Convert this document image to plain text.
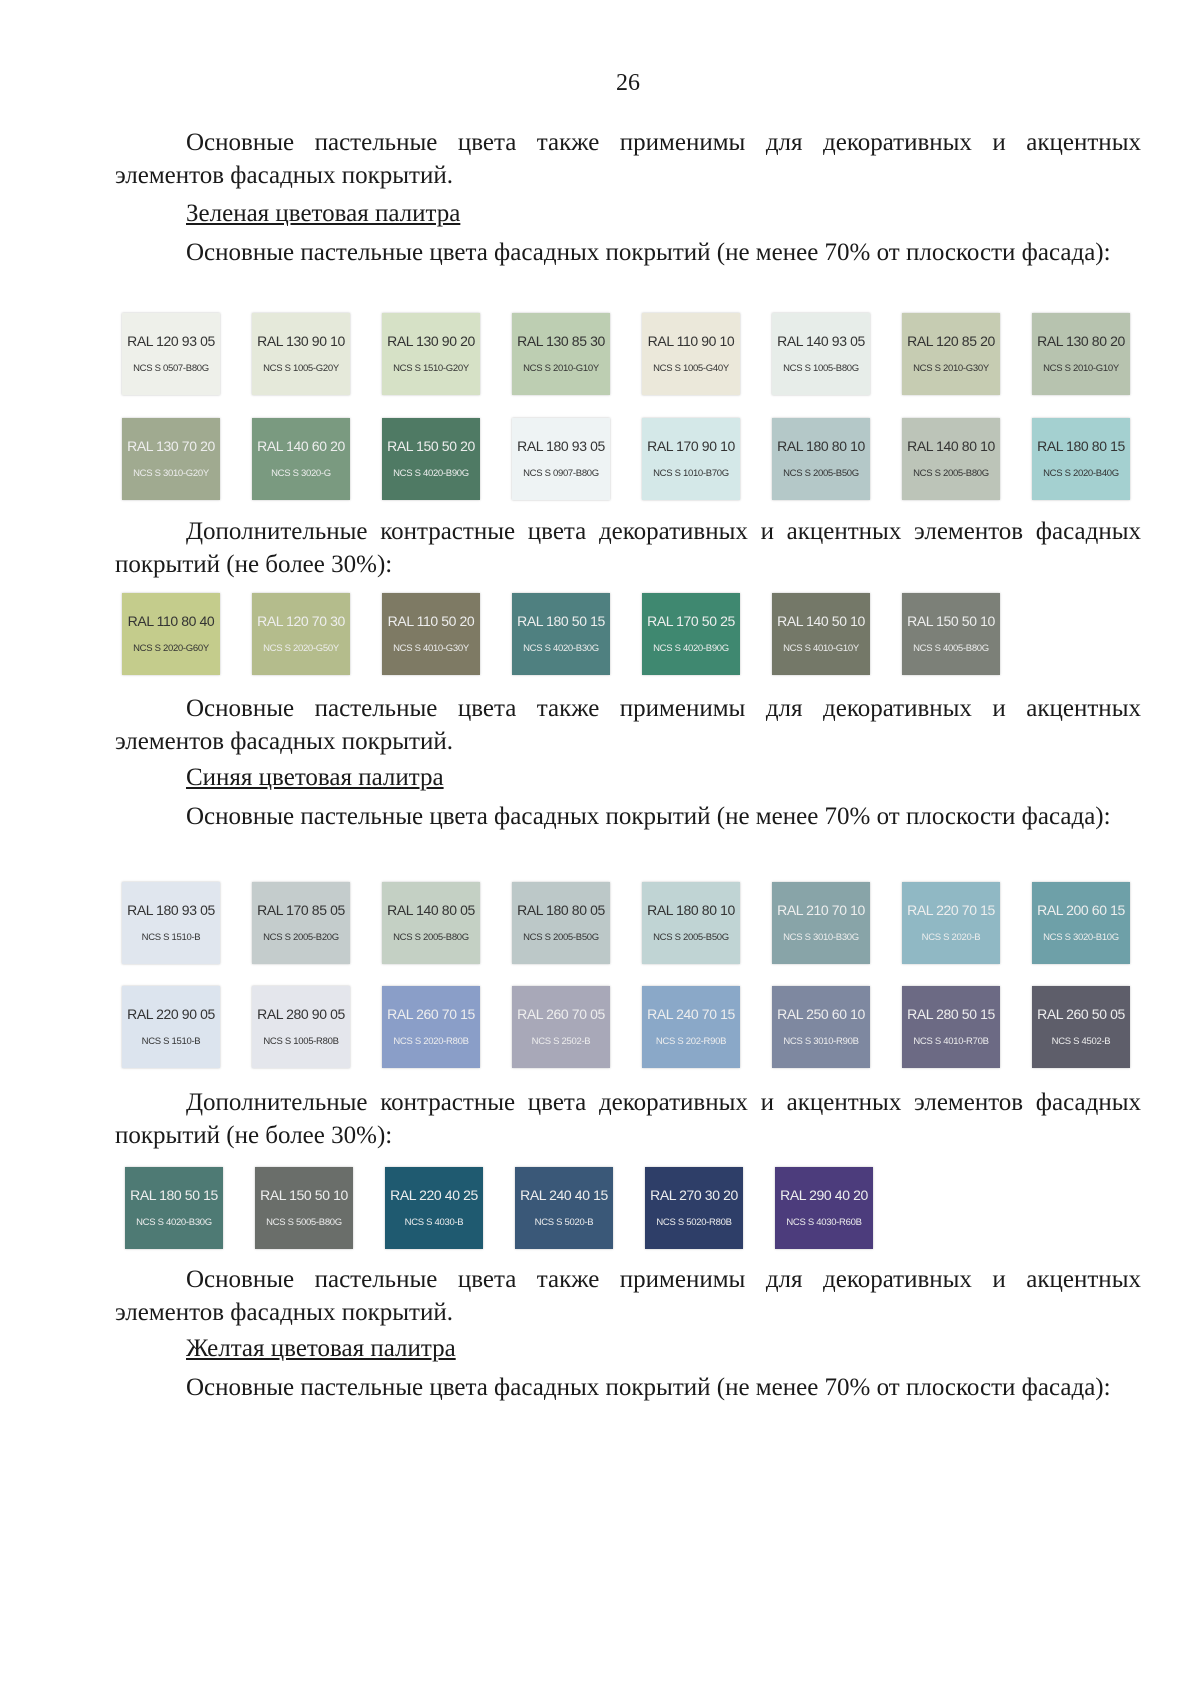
26

Основные пастельные цвета также применимы для декоративных и акцентных элементов фасадных покрытий.

Зеленая цветовая палитра

Основные пастельные цвета фасадных покрытий (не менее 70% от плоскости фасада):

RAL 120 93 05
NCS S 0507-B80G
RAL 130 90 10
NCS S 1005-G20Y
RAL 130 90 20
NCS S 1510-G20Y
RAL 130 85 30
NCS S 2010-G10Y
RAL 110 90 10
NCS S 1005-G40Y
RAL 140 93 05
NCS S 1005-B80G
RAL 120 85 20
NCS S 2010-G30Y
RAL 130 80 20
NCS S 2010-G10Y
RAL 130 70 20
NCS S 3010-G20Y
RAL 140 60 20
NCS S 3020-G
RAL 150 50 20
NCS S 4020-B90G
RAL 180 93 05
NCS S 0907-B80G
RAL 170 90 10
NCS S 1010-B70G
RAL 180 80 10
NCS S 2005-B50G
RAL 140 80 10
NCS S 2005-B80G
RAL 180 80 15
NCS S 2020-B40G

Дополнительные контрастные цвета декоративных и акцентных элементов фасадных покрытий (не более 30%):

RAL 110 80 40
NCS S 2020-G60Y
RAL 120 70 30
NCS S 2020-G50Y
RAL 110 50 20
NCS S 4010-G30Y
RAL 180 50 15
NCS S 4020-B30G
RAL 170 50 25
NCS S 4020-B90G
RAL 140 50 10
NCS S 4010-G10Y
RAL 150 50 10
NCS S 4005-B80G

Основные пастельные цвета также применимы для декоративных и акцентных элементов фасадных покрытий.

Синяя цветовая палитра

Основные пастельные цвета фасадных покрытий (не менее 70% от плоскости фасада):

RAL 180 93 05
NCS S 1510-B
RAL 170 85 05
NCS S 2005-B20G
RAL 140 80 05
NCS S 2005-B80G
RAL 180 80 05
NCS S 2005-B50G
RAL 180 80 10
NCS S 2005-B50G
RAL 210 70 10
NCS S 3010-B30G
RAL 220 70 15
NCS S 2020-B
RAL 200 60 15
NCS S 3020-B10G
RAL 220 90 05
NCS S 1510-B
RAL 280 90 05
NCS S 1005-R80B
RAL 260 70 15
NCS S 2020-R80B
RAL 260 70 05
NCS S 2502-B
RAL 240 70 15
NCS S 202-R90B
RAL 250 60 10
NCS S 3010-R90B
RAL 280 50 15
NCS S 4010-R70B
RAL 260 50 05
NCS S 4502-B

Дополнительные контрастные цвета декоративных и акцентных элементов фасадных покрытий (не более 30%):

RAL 180 50 15
NCS S 4020-B30G
RAL 150 50 10
NCS S 5005-B80G
RAL 220 40 25
NCS S 4030-B
RAL 240 40 15
NCS S 5020-B
RAL 270 30 20
NCS S 5020-R80B
RAL 290 40 20
NCS S 4030-R60B

Основные пастельные цвета также применимы для декоративных и акцентных элементов фасадных покрытий.

Желтая цветовая палитра

Основные пастельные цвета фасадных покрытий (не менее 70% от плоскости фасада):
